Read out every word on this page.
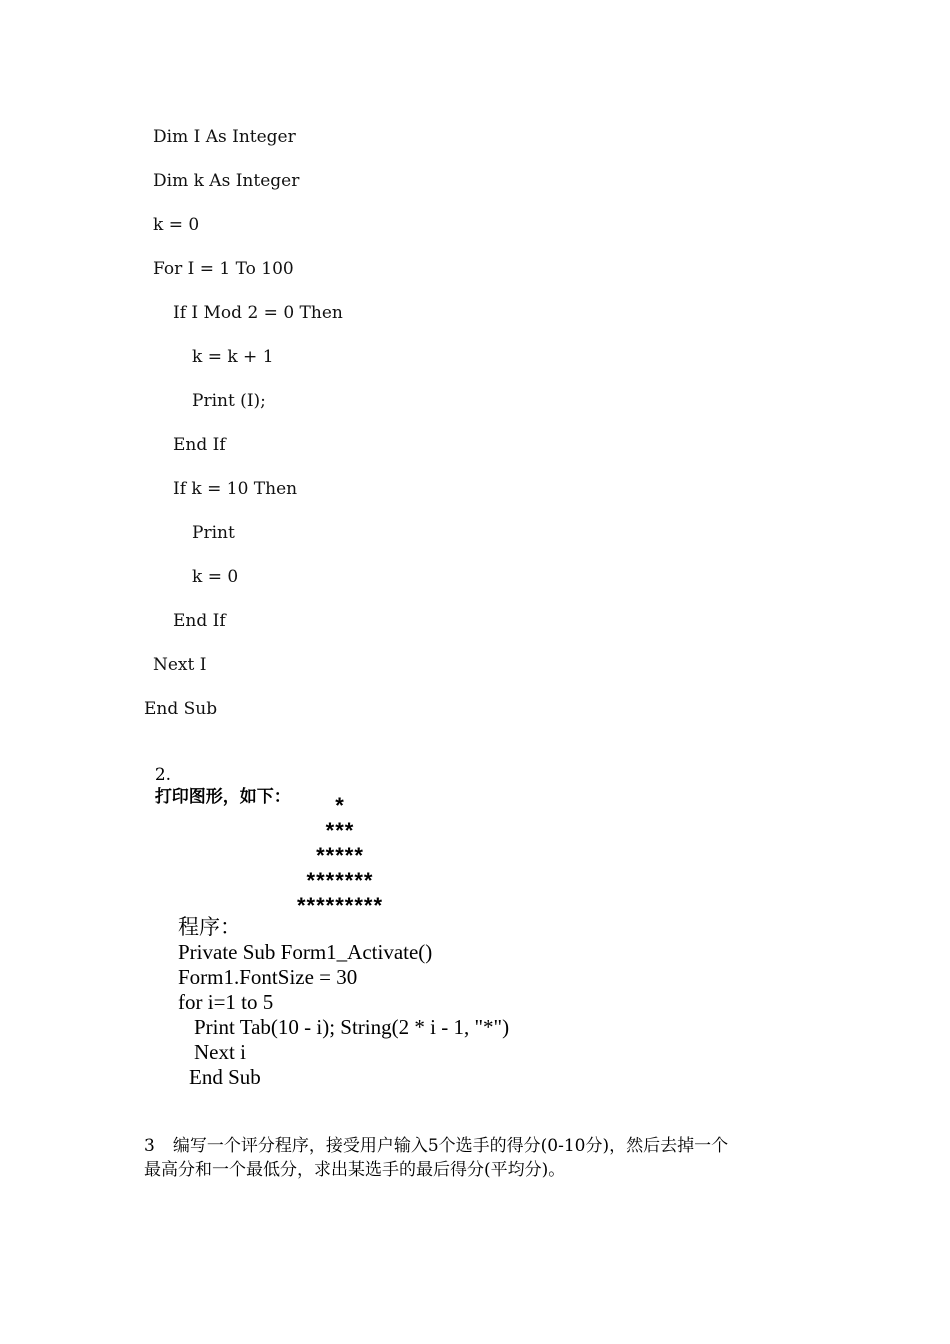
Dim I As Integer
Dim k As Integer
k = 0
For I = 1 To 100
If I Mod 2 = 0 Then
k = k + 1
Print (I);
End If
If k = 10 Then
Print
k = 0
End If
Next I
End Sub

2.
打印图形，如下：	*
***
*****
*******
*********
程序：
Private Sub Form1_Activate()
Form1.FontSize = 30
for i=1 to 5
Print Tab(10 - i); String(2 * i - 1, "*")
Next i
End Sub
3 编写一个评分程序，接受用户输入5个选手的得分(0-10分)，然后去掉一个
最高分和一个最低分，求出某选手的最后得分(平均分)。
